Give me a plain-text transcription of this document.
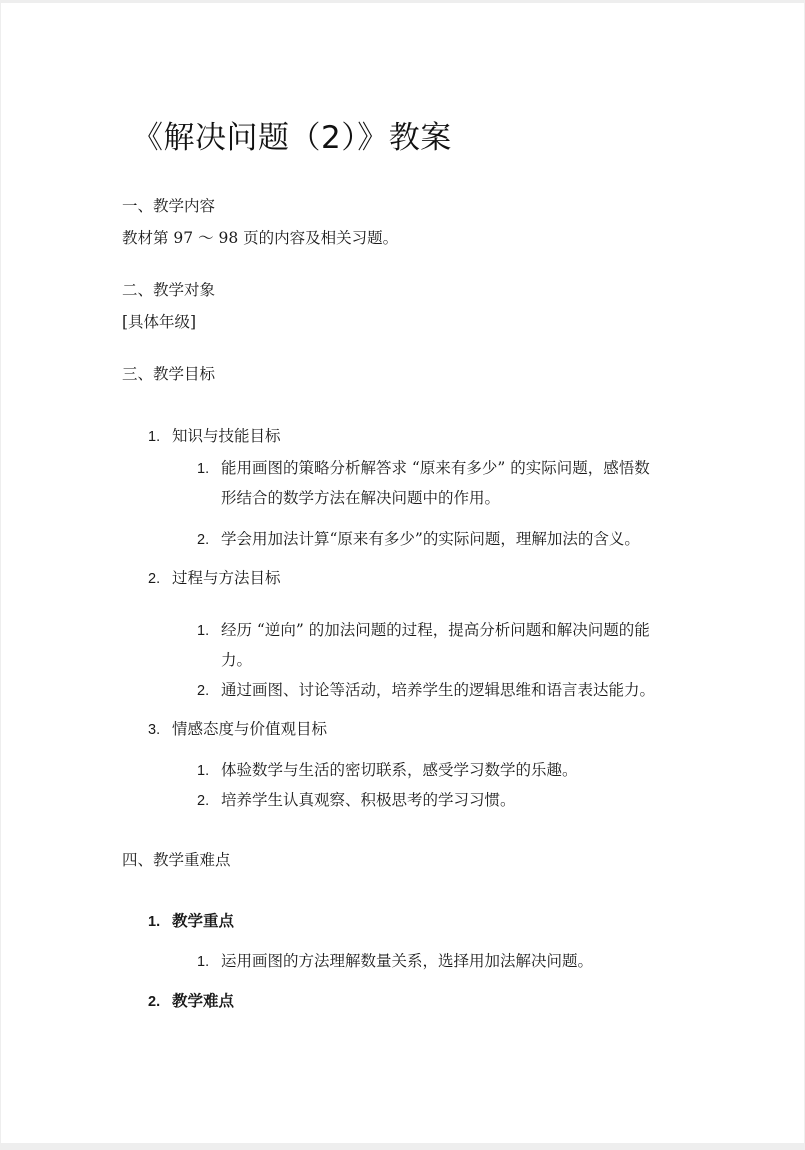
《解决问题（2）》教案
一、教学内容
教材第 97 ～ 98 页的内容及相关习题。
二、教学对象
[具体年级]
三、教学目标
1. 知识与技能目标
1. 能用画图的策略分析解答求 “原来有多少” 的实际问题，感悟数
形结合的数学方法在解决问题中的作用。
2. 学会用加法计算“原来有多少”的实际问题，理解加法的含义。
2. 过程与方法目标
1. 经历 “逆向” 的加法问题的过程，提高分析问题和解决问题的能
力。
2. 通过画图、讨论等活动，培养学生的逻辑思维和语言表达能力。
3. 情感态度与价值观目标
1. 体验数学与生活的密切联系，感受学习数学的乐趣。
2. 培养学生认真观察、积极思考的学习习惯。
四、教学重难点
1. 教学重点
1. 运用画图的方法理解数量关系，选择用加法解决问题。
2. 教学难点
